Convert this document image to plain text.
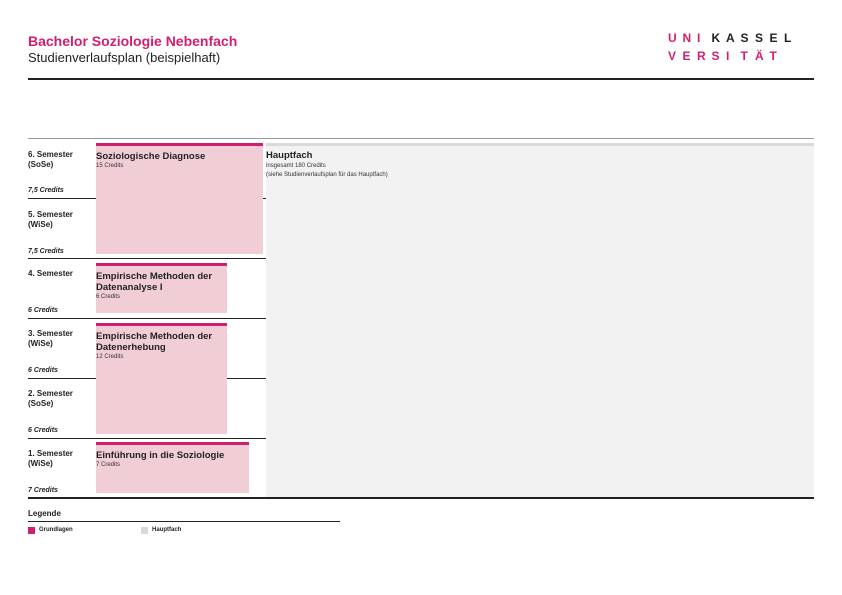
Bachelor Soziologie Nebenfach
Studienverlaufsplan (beispielhaft)
U N I K A S S E L
V E R S I T Ä T
Hauptfach
insgesamt 180 Credits
(siehe Studienverlaufsplan für das Hauptfach)
6. Semester
(SoSe)
7,5 Credits
5. Semester
(WiSe)
7,5 Credits
4. Semester
6 Credits
3. Semester
(WiSe)
6 Credits
2. Semester
(SoSe)
6 Credits
1. Semester
(WiSe)
7 Credits
Soziologische Diagnose
15 Credits
Empirische Methoden der Datenanalyse I
6 Credits
Empirische Methoden der Datenerhebung
12 Credits
Einführung in die Soziologie
7 Credits
Legende
Grundlagen	Hauptfach
